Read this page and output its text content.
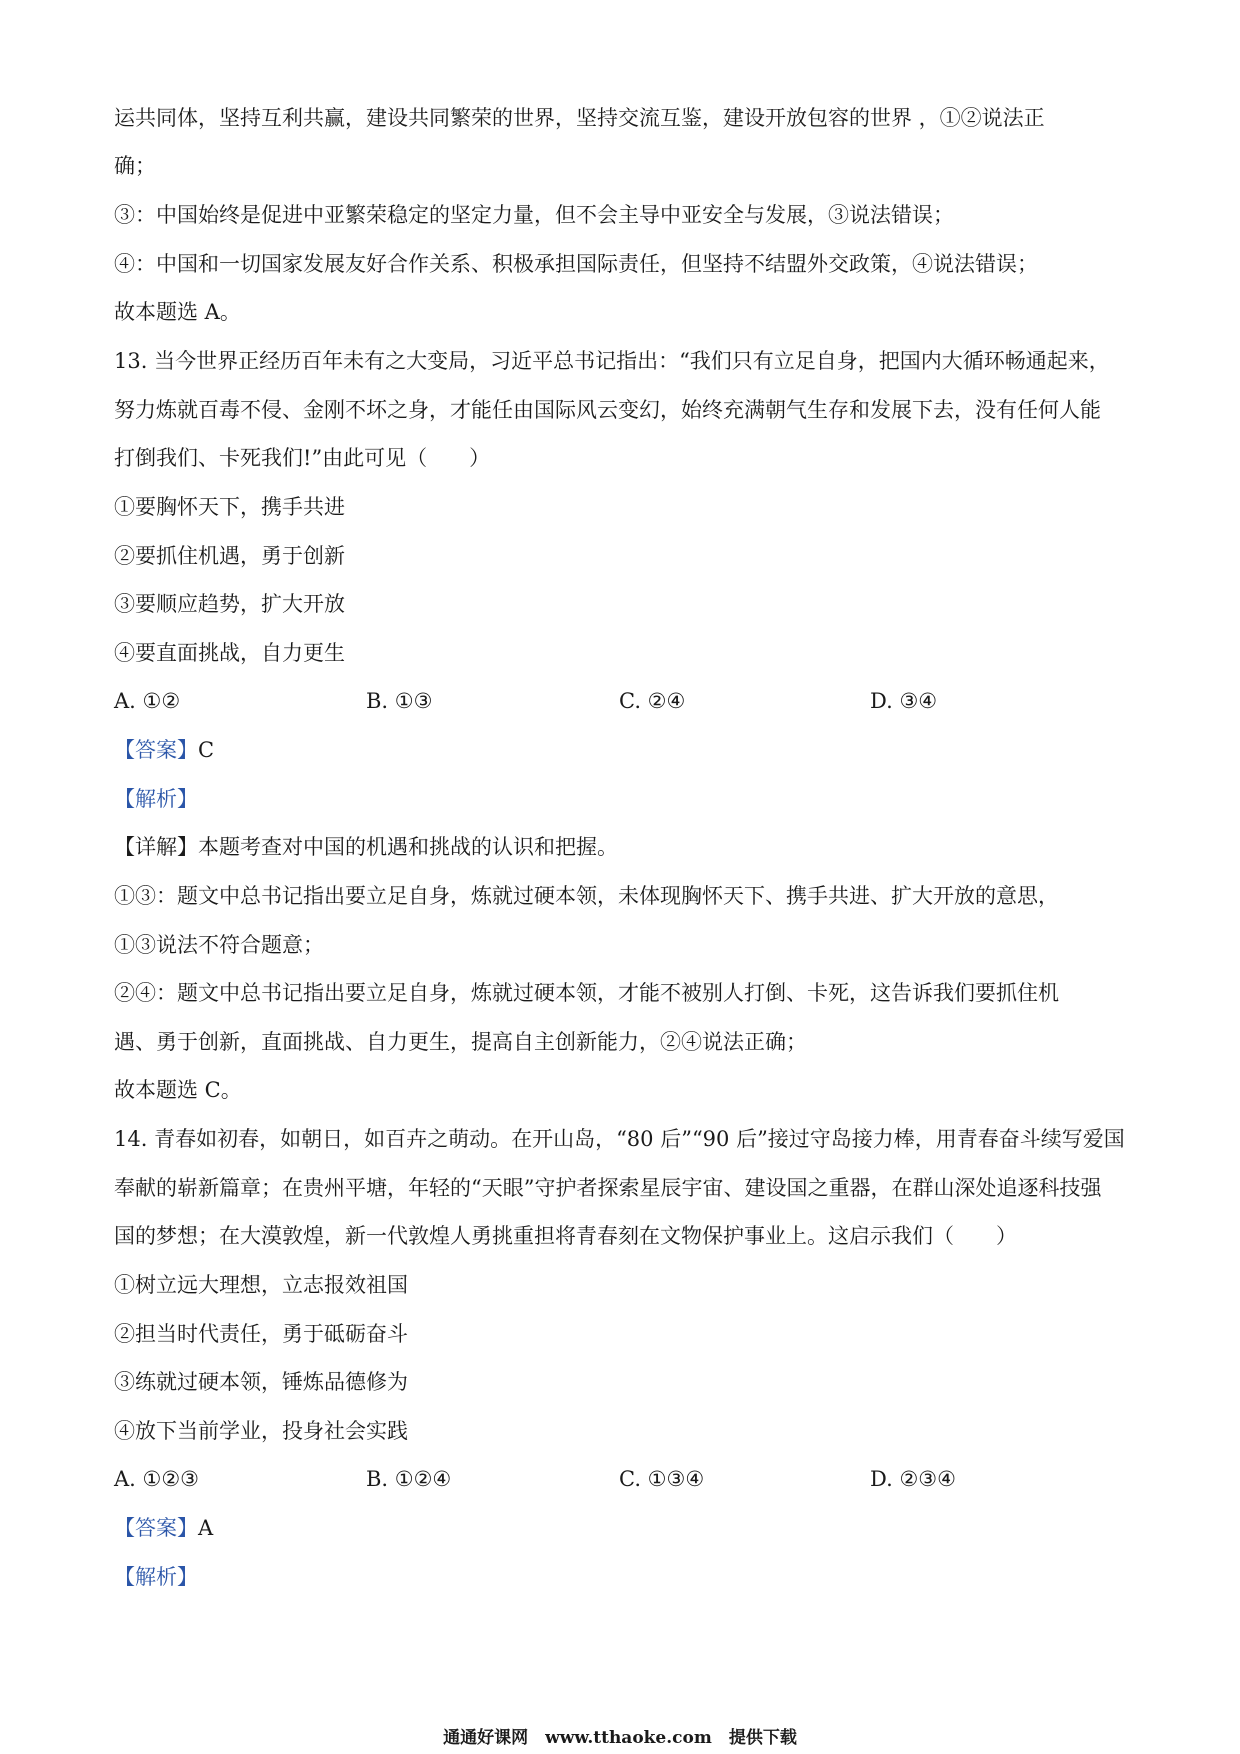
运共同体，坚持互利共赢，建设共同繁荣的世界，坚持交流互鉴，建设开放包容的世界 ，①②说法正
确；
③：中国始终是促进中亚繁荣稳定的坚定力量，但不会主导中亚安全与发展，③说法错误；
④：中国和一切国家发展友好合作关系、积极承担国际责任，但坚持不结盟外交政策，④说法错误；
故本题选 A。
13. 当今世界正经历百年未有之大变局，习近平总书记指出：“我们只有立足自身，把国内大循环畅通起来，
努力炼就百毒不侵、金刚不坏之身，才能任由国际风云变幻，始终充满朝气生存和发展下去，没有任何人能
打倒我们、卡死我们!”由此可见（　　）
①要胸怀天下，携手共进
②要抓住机遇，勇于创新
③要顺应趋势，扩大开放
④要直面挑战，自力更生
A. ①②	B. ①③	C. ②④	D. ③④
【答案】C
【解析】
【详解】本题考查对中国的机遇和挑战的认识和把握。
①③：题文中总书记指出要立足自身，炼就过硬本领，未体现胸怀天下、携手共进、扩大开放的意思，
①③说法不符合题意；
②④：题文中总书记指出要立足自身，炼就过硬本领，才能不被别人打倒、卡死，这告诉我们要抓住机
遇、勇于创新，直面挑战、自力更生，提高自主创新能力，②④说法正确；
故本题选 C。
14. 青春如初春，如朝日，如百卉之萌动。在开山岛，“80 后”“90 后”接过守岛接力棒，用青春奋斗续写爱国
奉献的崭新篇章；在贵州平塘，年轻的“天眼”守护者探索星辰宇宙、建设国之重器，在群山深处追逐科技强
国的梦想；在大漠敦煌，新一代敦煌人勇挑重担将青春刻在文物保护事业上。这启示我们（　　）
①树立远大理想，立志报效祖国
②担当时代责任，勇于砥砺奋斗
③练就过硬本领，锤炼品德修为
④放下当前学业，投身社会实践
A. ①②③	B. ①②④	C. ①③④	D. ②③④
【答案】A
【解析】
通通好课网　www.tthaoke.com　提供下载
